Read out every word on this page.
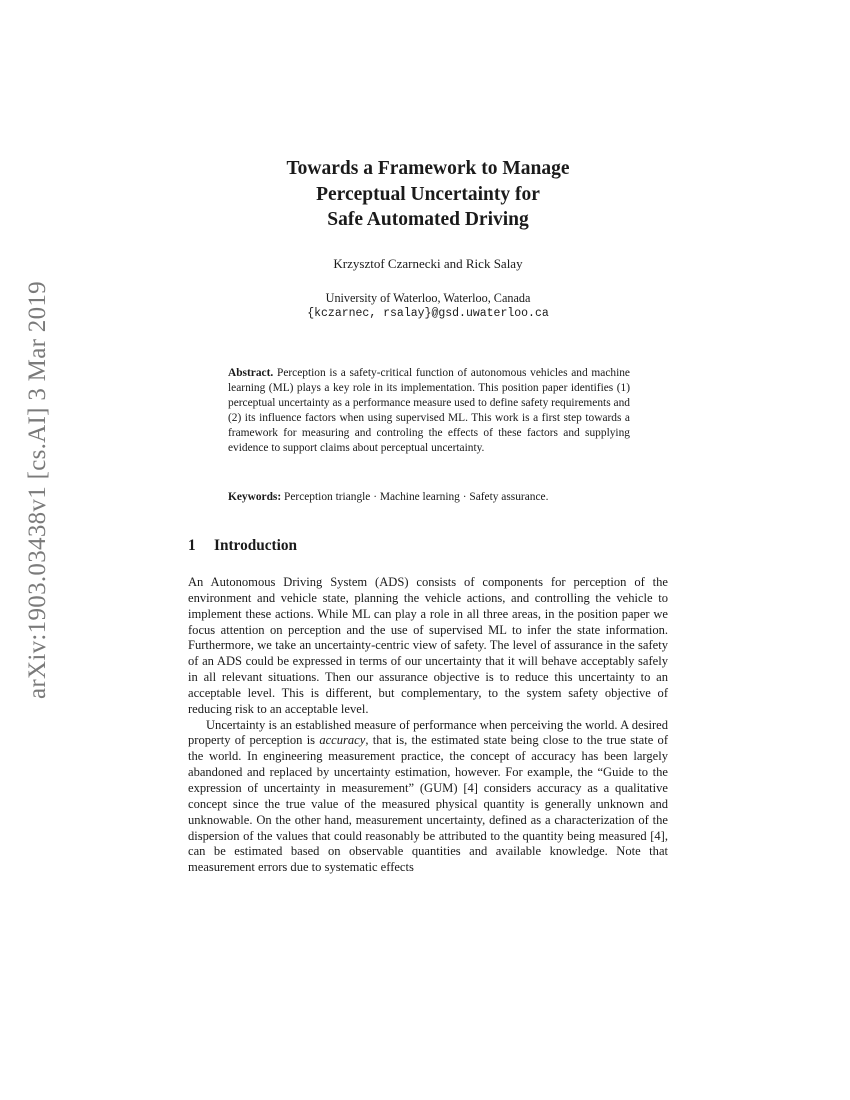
arXiv:1903.03438v1 [cs.AI] 3 Mar 2019
Towards a Framework to Manage
Perceptual Uncertainty for
Safe Automated Driving
Krzysztof Czarnecki and Rick Salay
University of Waterloo, Waterloo, Canada
{kczarnec, rsalay}@gsd.uwaterloo.ca

Abstract. Perception is a safety-critical function of autonomous vehicles and machine learning (ML) plays a key role in its implementation. This position paper identifies (1) perceptual uncertainty as a performance measure used to define safety requirements and (2) its influence factors when using supervised ML. This work is a first step towards a framework for measuring and controling the effects of these factors and supplying evidence to support claims about perceptual uncertainty.

Keywords: Perception triangle · Machine learning · Safety assurance.

1 Introduction

An Autonomous Driving System (ADS) consists of components for perception of the environment and vehicle state, planning the vehicle actions, and controlling the vehicle to implement these actions. While ML can play a role in all three areas, in the position paper we focus attention on perception and the use of supervised ML to infer the state information. Furthermore, we take an uncertainty-centric view of safety. The level of assurance in the safety of an ADS could be expressed in terms of our uncertainty that it will behave acceptably safely in all relevant situations. Then our assurance objective is to reduce this uncertainty to an acceptable level. This is different, but complementary, to the system safety objective of reducing risk to an acceptable level.

Uncertainty is an established measure of performance when perceiving the world. A desired property of perception is accuracy, that is, the estimated state being close to the true state of the world. In engineering measurement practice, the concept of accuracy has been largely abandoned and replaced by uncertainty estimation, however. For example, the “Guide to the expression of uncertainty in measurement” (GUM) [4] considers accuracy as a qualitative concept since the true value of the measured physical quantity is generally unknown and unknowable. On the other hand, measurement uncertainty, defined as a characterization of the dispersion of the values that could reasonably be attributed to the quantity being measured [4], can be estimated based on observable quantities and available knowledge. Note that measurement errors due to systematic effects
